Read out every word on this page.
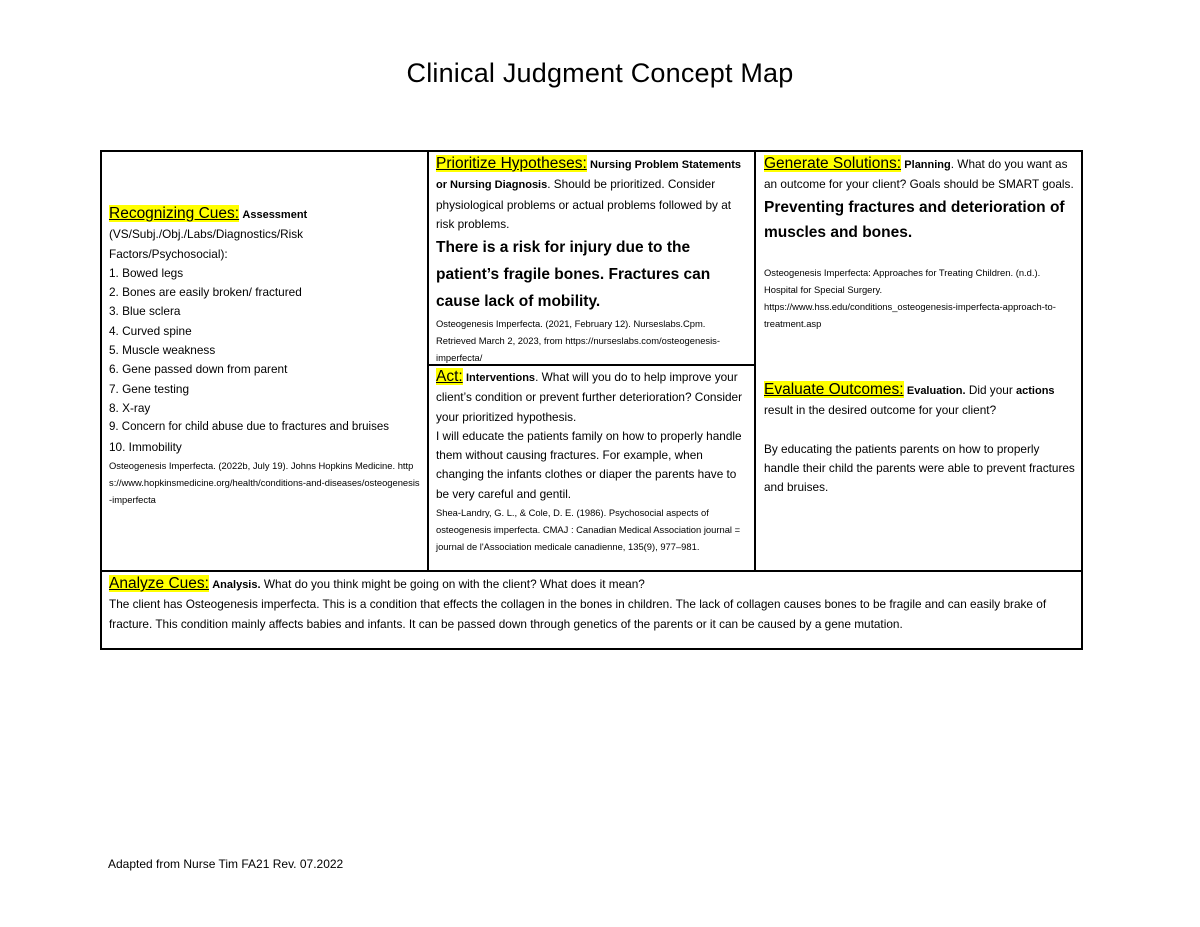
Clinical Judgment Concept Map
Recognizing Cues: Assessment
(VS/Subj./Obj./Labs/Diagnostics/Risk Factors/Psychosocial):
1. Bowed legs
2. Bones are easily broken/ fractured
3. Blue sclera
4. Curved spine
5. Muscle weakness
6. Gene passed down from parent
7. Gene testing
8. X-ray
9. Concern for child abuse due to fractures and bruises
10. Immobility
Osteogenesis Imperfecta. (2022b, July 19). Johns Hopkins Medicine. https://www.hopkinsmedicine.org/health/conditions-and-diseases/osteogenesis-imperfecta
Prioritize Hypotheses: Nursing Problem Statements or Nursing Diagnosis. Should be prioritized. Consider physiological problems or actual problems followed by at risk problems.
There is a risk for injury due to the patient’s fragile bones. Fractures can cause lack of mobility.
Osteogenesis Imperfecta. (2021, February 12). Nurseslabs.Cpm. Retrieved March 2, 2023, from https://nurseslabs.com/osteogenesis-imperfecta/
Act: Interventions. What will you do to help improve your client’s condition or prevent further deterioration? Consider your prioritized hypothesis.
I will educate the patients family on how to properly handle them without causing fractures. For example, when changing the infants clothes or diaper the parents have to be very careful and gentil.
Shea-Landry, G. L., & Cole, D. E. (1986). Psychosocial aspects of osteogenesis imperfecta. CMAJ : Canadian Medical Association journal = journal de l'Association medicale canadienne, 135(9), 977–981.
Generate Solutions: Planning. What do you want as an outcome for your client? Goals should be SMART goals.
Preventing fractures and deterioration of muscles and bones.
Osteogenesis Imperfecta: Approaches for Treating Children. (n.d.). Hospital for Special Surgery. https://www.hss.edu/conditions_osteogenesis-imperfecta-approach-to-treatment.asp
Evaluate Outcomes: Evaluation. Did your actions result in the desired outcome for your client?
By educating the patients parents on how to properly handle their child the parents were able to prevent fractures and bruises.
Analyze Cues: Analysis. What do you think might be going on with the client? What does it mean?
The client has Osteogenesis imperfecta. This is a condition that effects the collagen in the bones in children. The lack of collagen causes bones to be fragile and can easily brake of fracture. This condition mainly affects babies and infants. It can be passed down through genetics of the parents or it can be caused by a gene mutation.
Adapted from Nurse Tim FA21 Rev. 07.2022
